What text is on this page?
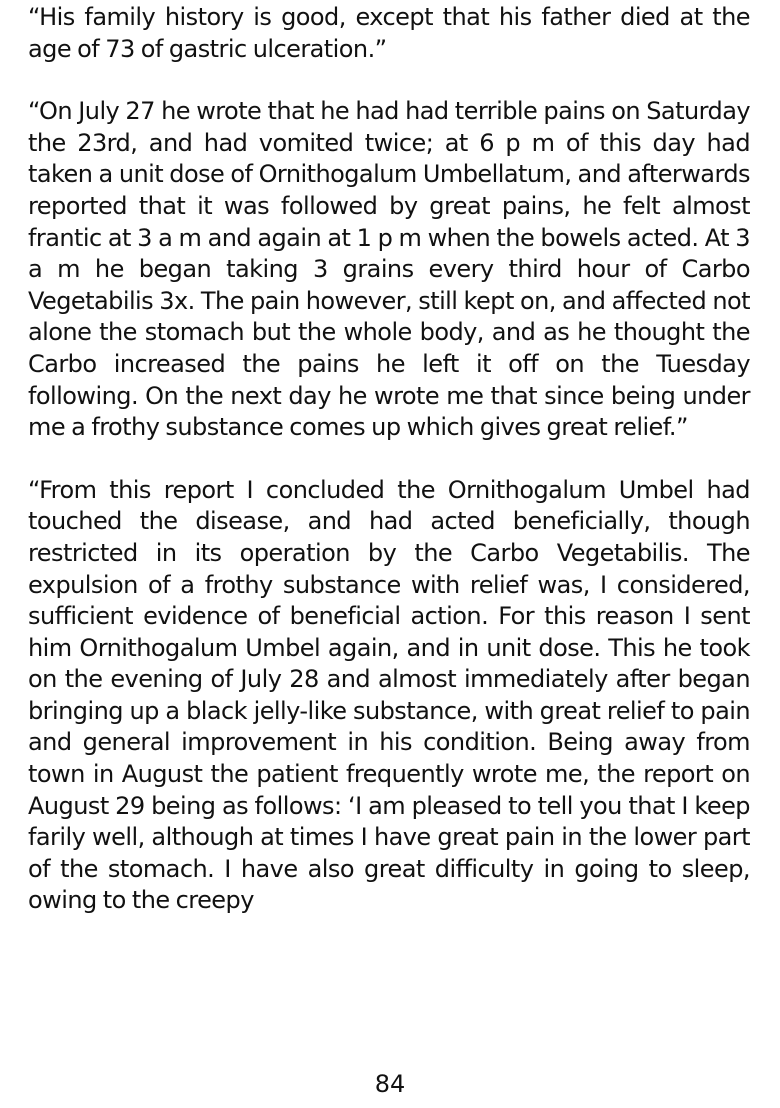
“His family history is good, except that his father died at the age of 73 of gastric ulceration.”

“On July 27 he wrote that he had had terrible pains on Saturday the 23rd, and had vomited twice; at 6 p m of this day had taken a unit dose of Ornithogalum Umbellatum, and afterwards reported that it was followed by great pains, he felt almost frantic at 3 a m and again at 1 p m when the bowels acted. At 3 a m he began taking 3 grains every third hour of Carbo Vegetabilis 3x. The pain however, still kept on, and affected not alone the stomach but the whole body, and as he thought the Carbo increased the pains he left it off on the Tuesday following. On the next day he wrote me that since being under me a frothy substance comes up which gives great relief.”

“From this report I concluded the Ornithogalum Umbel had touched the disease, and had acted beneficially, though restricted in its operation by the Carbo Vegetabilis. The expulsion of a frothy substance with relief was, I considered, sufficient evidence of beneficial action. For this reason I sent him Ornithogalum Umbel again, and in unit dose. This he took on the evening of July 28 and almost immediately after began bringing up a black jelly-like substance, with great relief to pain and general improvement in his condition. Being away from town in August the patient frequently wrote me, the report on August 29 being as follows: ‘I am pleased to tell you that I keep farily well, although at times I have great pain in the lower part of the stomach. I have also great difficulty in going to sleep, owing to the creepy

84
